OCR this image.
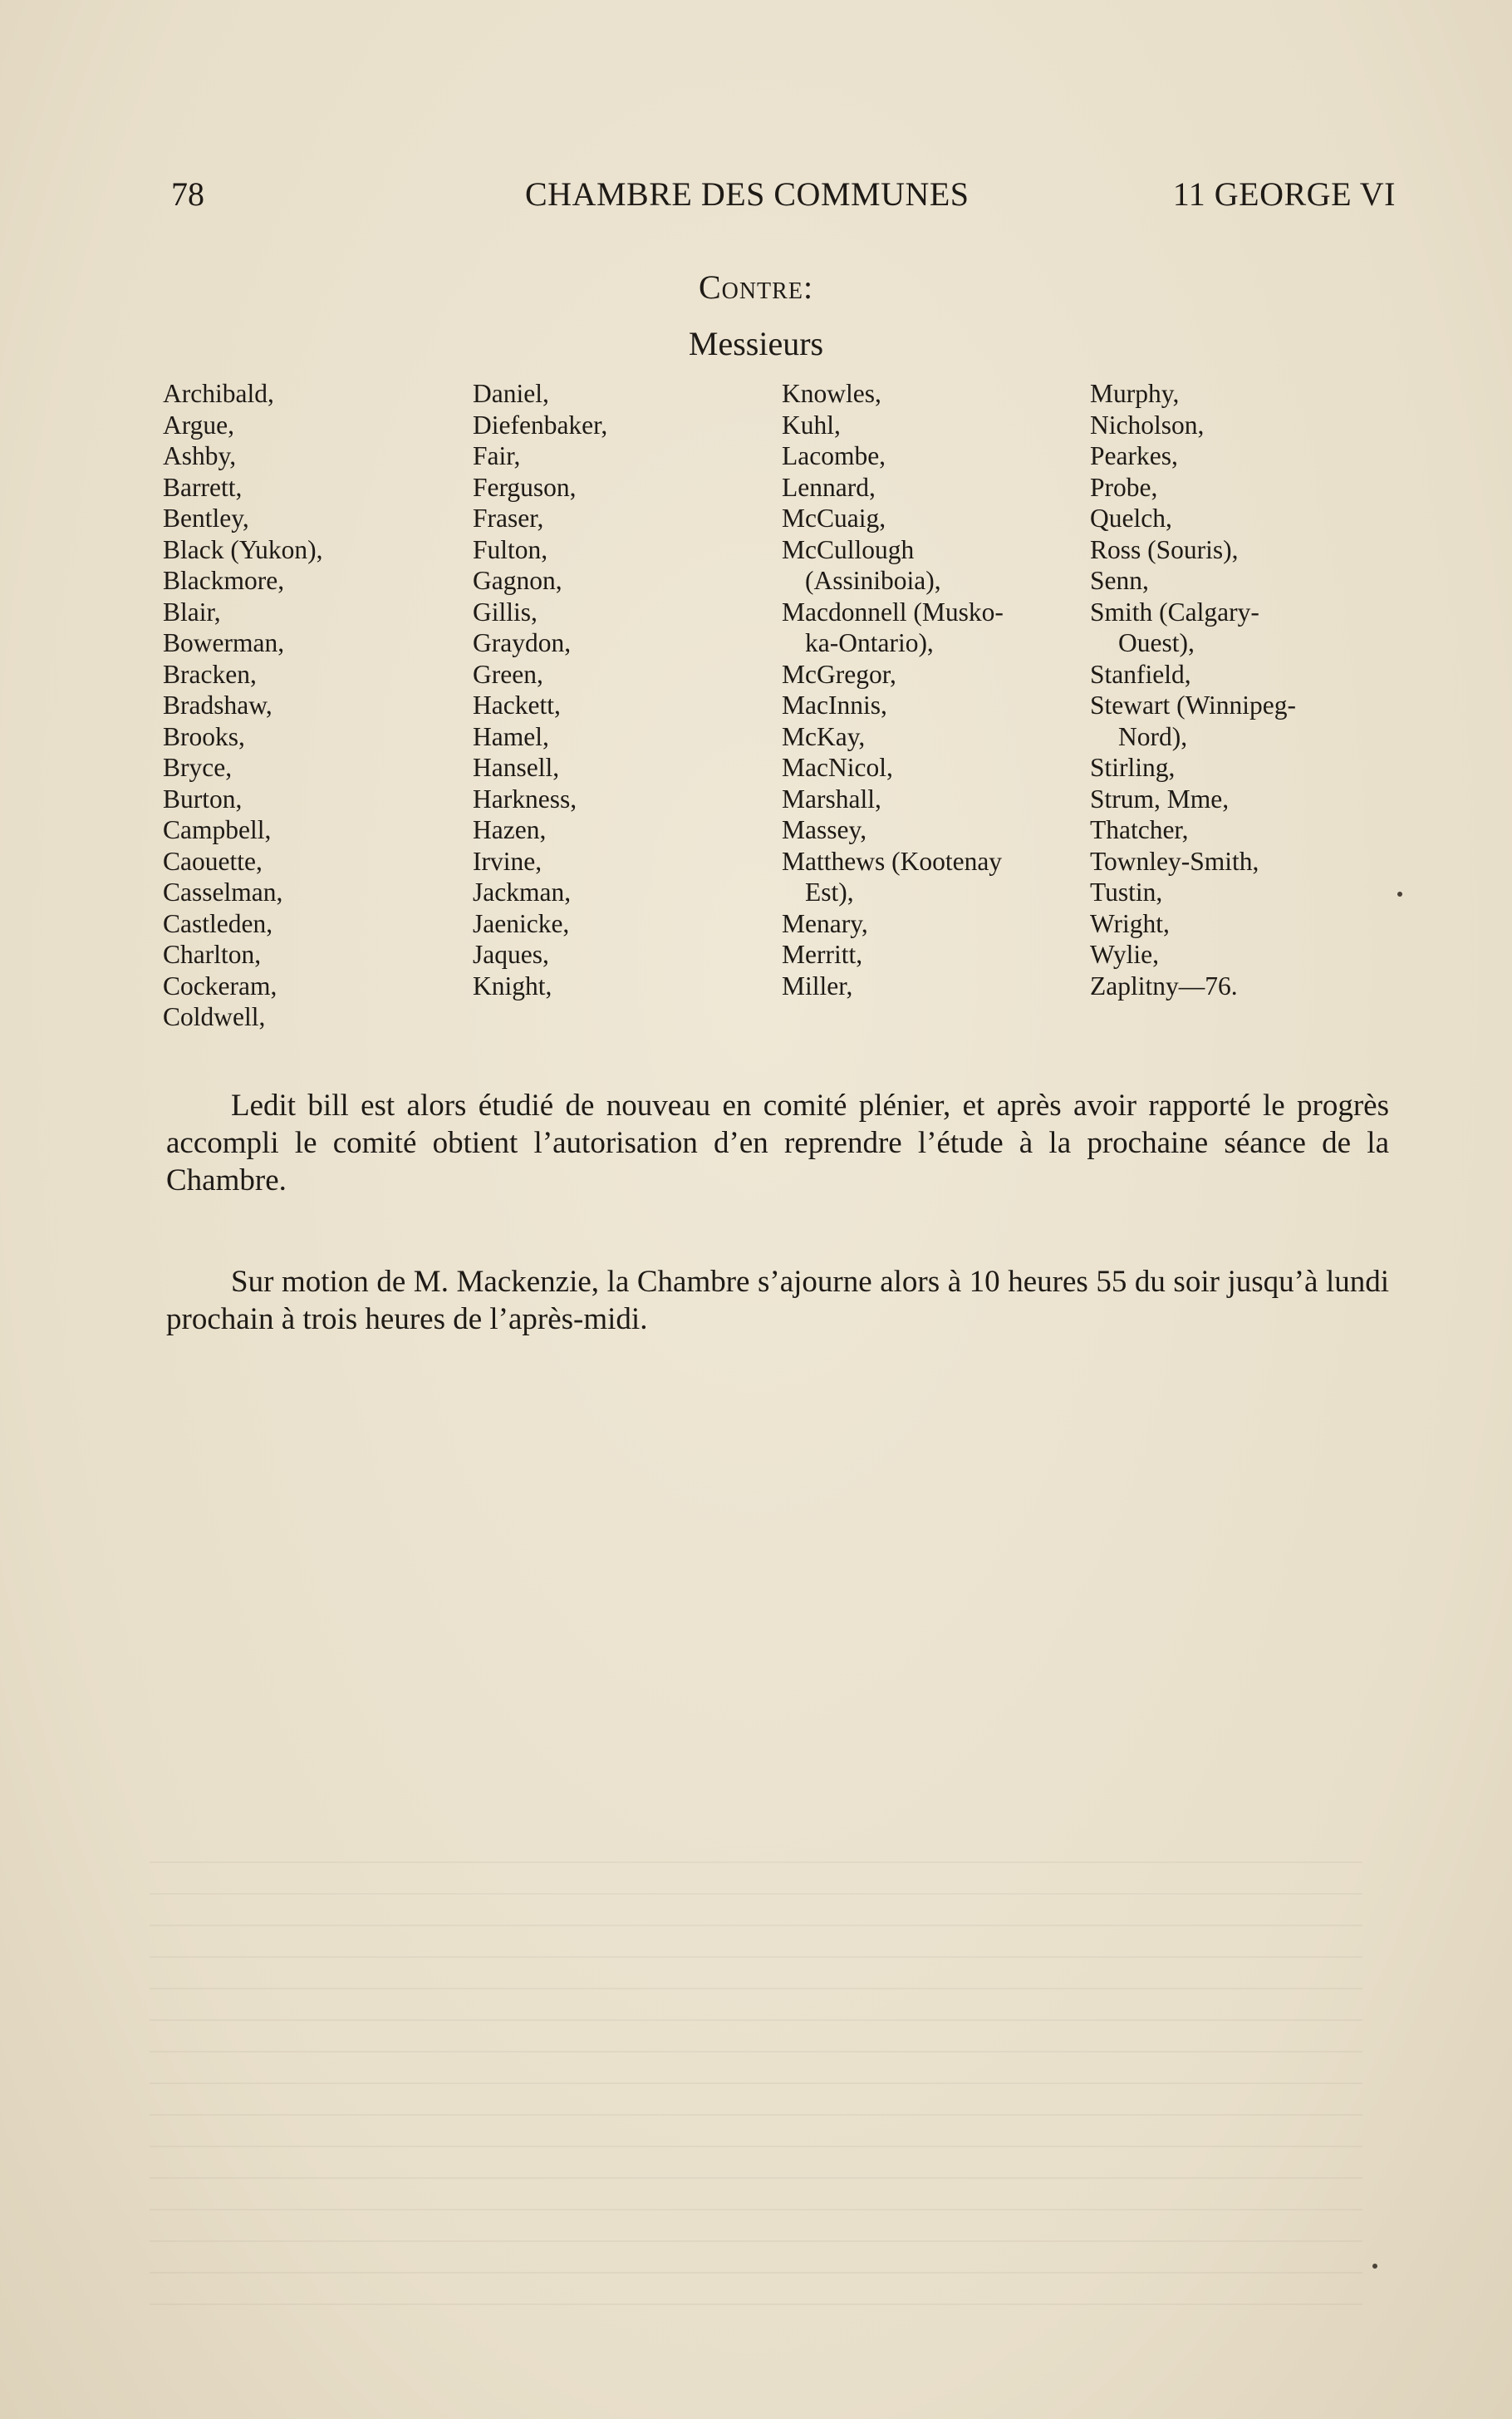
78	CHAMBRE DES COMMUNES	11 GEORGE VI
Contre:
Messieurs
Archibald,
Argue,
Ashby,
Barrett,
Bentley,
Black (Yukon),
Blackmore,
Blair,
Bowerman,
Bracken,
Bradshaw,
Brooks,
Bryce,
Burton,
Campbell,
Caouette,
Casselman,
Castleden,
Charlton,
Cockeram,
Coldwell,
Daniel,
Diefenbaker,
Fair,
Ferguson,
Fraser,
Fulton,
Gagnon,
Gillis,
Graydon,
Green,
Hackett,
Hamel,
Hansell,
Harkness,
Hazen,
Irvine,
Jackman,
Jaenicke,
Jaques,
Knight,
Knowles,
Kuhl,
Lacombe,
Lennard,
McCuaig,
McCullough
(Assiniboia),
Macdonnell (Musko-
ka-Ontario),
McGregor,
MacInnis,
McKay,
MacNicol,
Marshall,
Massey,
Matthews (Kootenay
Est),
Menary,
Merritt,
Miller,
Murphy,
Nicholson,
Pearkes,
Probe,
Quelch,
Ross (Souris),
Senn,
Smith (Calgary-
Ouest),
Stanfield,
Stewart (Winnipeg-
Nord),
Stirling,
Strum, Mme,
Thatcher,
Townley-Smith,
Tustin,
Wright,
Wylie,
Zaplitny—76.

Ledit bill est alors étudié de nouveau en comité plénier, et après avoir rapporté le progrès accompli le comité obtient l’autorisation d’en reprendre l’étude à la prochaine séance de la Chambre.

Sur motion de M. Mackenzie, la Chambre s’ajourne alors à 10 heures 55 du soir jusqu’à lundi prochain à trois heures de l’après-midi.
